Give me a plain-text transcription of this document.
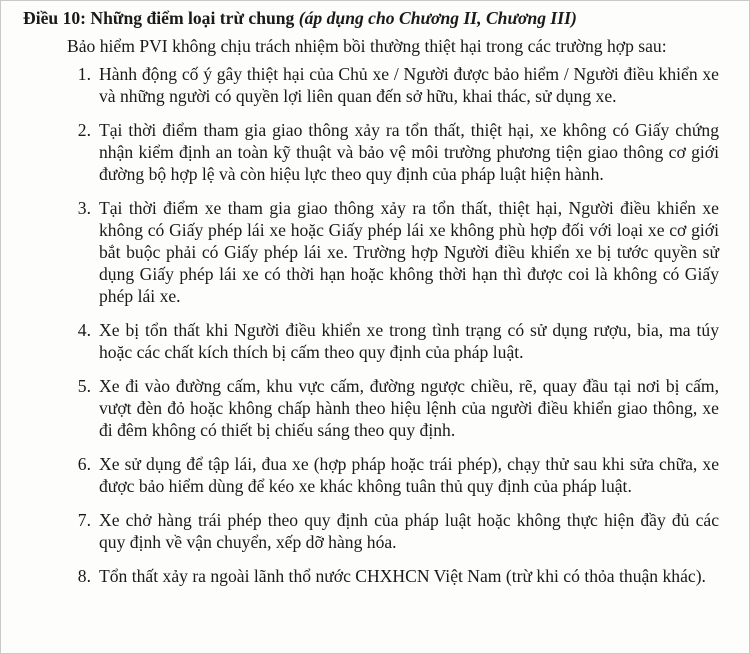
Điều 10: Những điểm loại trừ chung (áp dụng cho Chương II, Chương III)
Bảo hiểm PVI không chịu trách nhiệm bồi thường thiệt hại trong các trường hợp sau:
1. Hành động cố ý gây thiệt hại của Chủ xe / Người được bảo hiểm / Người điều khiển xe và những người có quyền lợi liên quan đến sở hữu, khai thác, sử dụng xe.
2. Tại thời điểm tham gia giao thông xảy ra tổn thất, thiệt hại, xe không có Giấy chứng nhận kiểm định an toàn kỹ thuật và bảo vệ môi trường phương tiện giao thông cơ giới đường bộ hợp lệ và còn hiệu lực theo quy định của pháp luật hiện hành.
3. Tại thời điểm xe tham gia giao thông xảy ra tổn thất, thiệt hại, Người điều khiển xe không có Giấy phép lái xe hoặc Giấy phép lái xe không phù hợp đối với loại xe cơ giới bắt buộc phải có Giấy phép lái xe. Trường hợp Người điều khiển xe bị tước quyền sử dụng Giấy phép lái xe có thời hạn hoặc không thời hạn thì được coi là không có Giấy phép lái xe.
4. Xe bị tổn thất khi Người điều khiển xe trong tình trạng có sử dụng rượu, bia, ma túy hoặc các chất kích thích bị cấm theo quy định của pháp luật.
5. Xe đi vào đường cấm, khu vực cấm, đường ngược chiều, rẽ, quay đầu tại nơi bị cấm, vượt đèn đỏ hoặc không chấp hành theo hiệu lệnh của người điều khiển giao thông, xe đi đêm không có thiết bị chiếu sáng theo quy định.
6. Xe sử dụng để tập lái, đua xe (hợp pháp hoặc trái phép), chạy thử sau khi sửa chữa, xe được bảo hiểm dùng để kéo xe khác không tuân thủ quy định của pháp luật.
7. Xe chở hàng trái phép theo quy định của pháp luật hoặc không thực hiện đầy đủ các quy định về vận chuyển, xếp dỡ hàng hóa.
8. Tổn thất xảy ra ngoài lãnh thổ nước CHXHCN Việt Nam (trừ khi có thỏa thuận khác).
